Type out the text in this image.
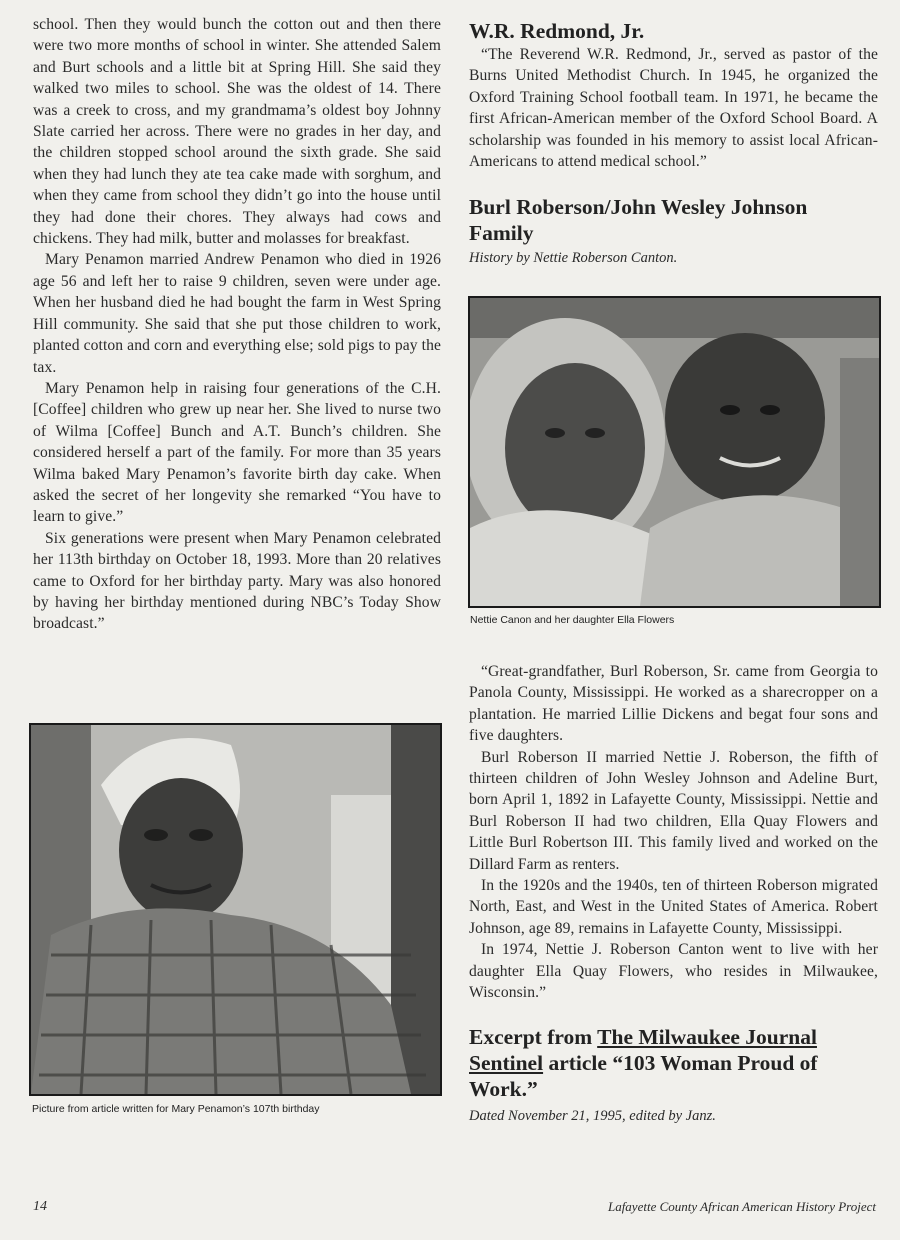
school. Then they would bunch the cotton out and then there were two more months of school in winter. She attended Salem and Burt schools and a little bit at Spring Hill. She said they walked two miles to school. She was the oldest of 14. There was a creek to cross, and my grandmama’s oldest boy Johnny Slate carried her across. There were no grades in her day, and the children stopped school around the sixth grade. She said when they had lunch they ate tea cake made with sorghum, and when they came from school they didn’t go into the house until they had done their chores. They always had cows and chickens. They had milk, butter and molasses for breakfast.

Mary Penamon married Andrew Penamon who died in 1926 age 56 and left her to raise 9 children, seven were under age. When her husband died he had bought the farm in West Spring Hill community. She said that she put those children to work, planted cotton and corn and everything else; sold pigs to pay the tax.

Mary Penamon help in raising four generations of the C.H. [Coffee] children who grew up near her. She lived to nurse two of Wilma [Coffee] Bunch and A.T. Bunch’s children. She considered herself a part of the family. For more than 35 years Wilma baked Mary Penamon’s favorite birth day cake. When asked the secret of her longevity she remarked “You have to learn to give.”

Six generations were present when Mary Penamon celebrated her 113th birthday on October 18, 1993. More than 20 relatives came to Oxford for her birthday party. Mary was also honored by having her birthday mentioned during NBC’s Today Show broadcast.”

Picture from article written for Mary Penamon’s 107th birthday
W.R. Redmond, Jr.

“The Reverend W.R. Redmond, Jr., served as pastor of the Burns United Methodist Church. In 1945, he organized the Oxford Training School football team. In 1971, he became the first African-American member of the Oxford School Board. A scholarship was founded in his memory to assist local African-Americans to attend medical school.”

Burl Roberson/John Wesley Johnson Family

History by Nettie Roberson Canton.

Nettie Canon and her daughter Ella Flowers

“Great-grandfather, Burl Roberson, Sr. came from Georgia to Panola County, Mississippi. He worked as a sharecropper on a plantation. He married Lillie Dickens and begat four sons and five daughters.

Burl Roberson II married Nettie J. Roberson, the fifth of thirteen children of John Wesley Johnson and Adeline Burt, born April 1, 1892 in Lafayette County, Mississippi. Nettie and Burl Roberson II had two children, Ella Quay Flowers and Little Burl Robertson III. This family lived and worked on the Dillard Farm as renters.

In the 1920s and the 1940s, ten of thirteen Roberson migrated North, East, and West in the United States of America. Robert Johnson, age 89, remains in Lafayette County, Mississippi.

In 1974, Nettie J. Roberson Canton went to live with her daughter Ella Quay Flowers, who resides in Milwaukee, Wisconsin.”

Excerpt from The Milwaukee Journal Sentinel article “103 Woman Proud of Work.”

Dated November 21, 1995, edited by Janz.

14	Lafayette County African American History Project
